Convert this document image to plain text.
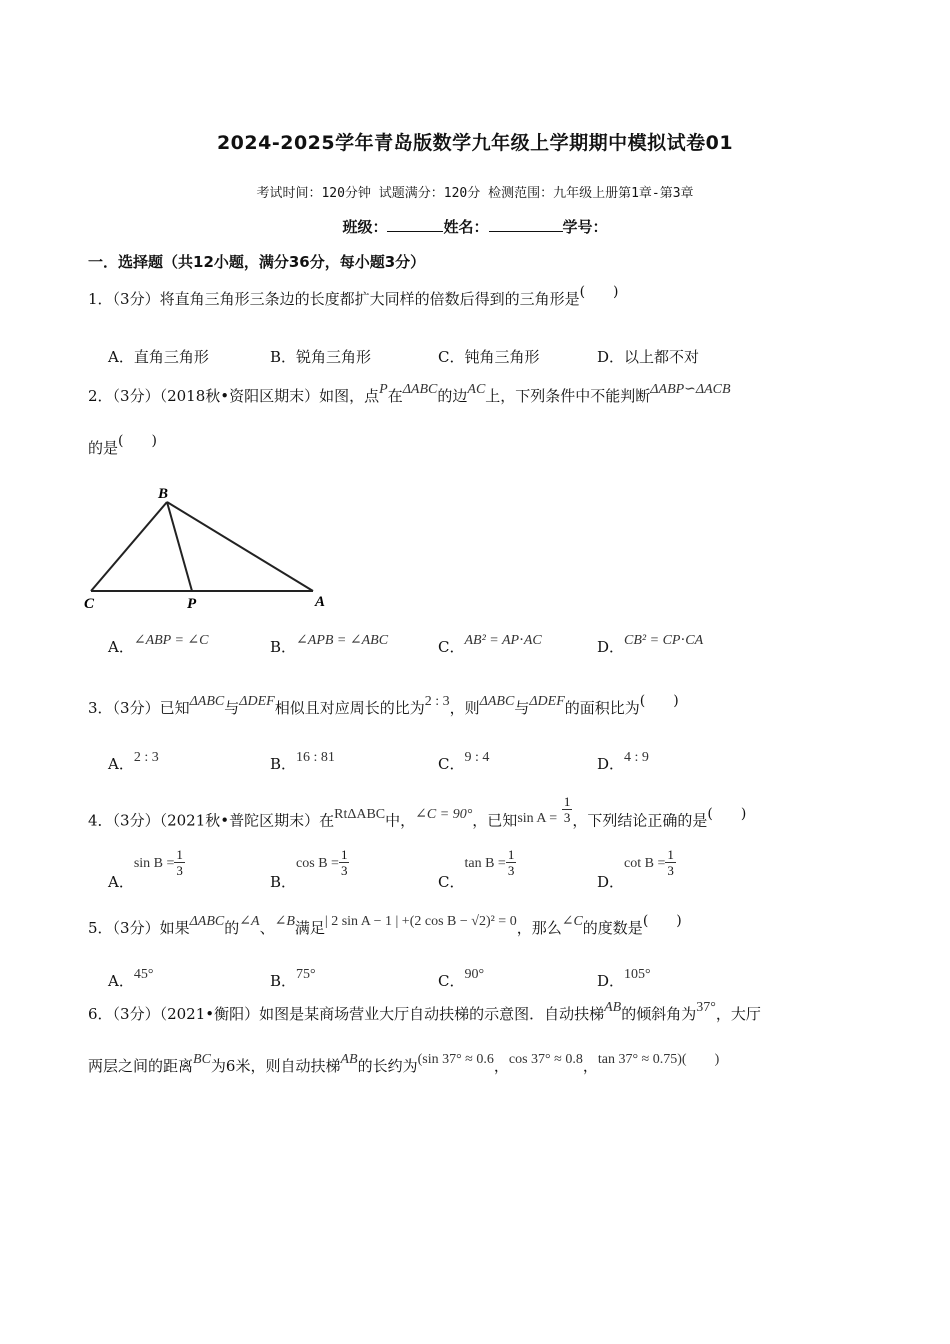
2024-2025学年青岛版数学九年级上学期期中模拟试卷01
考试时间：120分钟 试题满分：120分 检测范围：九年级上册第1章-第3章
班级：	姓名：	学号：
一．选择题（共12小题，满分36分，每小题3分）
1．（3分）将直角三角形三条边的长度都扩大同样的倍数后得到的三角形是(　　)
A．直角三角形	B．锐角三角形	C．钝角三角形	D．以上都不对
2．（3分）（2018秋•资阳区期末）如图，点P在ΔABC的边AC上，下列条件中不能判断ΔABP∽ΔACB
的是(　　)
B
C	P	A
A．∠ABP = ∠C	B．∠APB = ∠ABC	C．AB² = AP⋅AC	D．CB² = CP⋅CA
3．（3分）已知ΔABC与ΔDEF相似且对应周长的比为2 : 3，则ΔABC与ΔDEF的面积比为(　　)
A．2 : 3	B．16 : 81	C．9 : 4	D．4 : 9
4．（3分）（2021秋•普陀区期末）在RtΔABC中，∠C = 90°，已知$\sin A = \frac{1}{3}$ ，下列结论正确的是(　　)
A．$\sin B = \frac{1}{3}$
B．$\cos B = \frac{1}{3}$
C．$\tan B = \frac{1}{3}$
D．$\cot B = \frac{1}{3}$
5．（3分）如果ΔABC的∠A、∠B满足| 2 sin A − 1 | +(2 cos B − √2)² = 0，那么∠C的度数是(　　)
A．45°	B．75°	C．90°	D．105°
6．（3分）（2021•衡阳）如图是某商场营业大厅自动扶梯的示意图．自动扶梯AB的倾斜角为37°，大厅
两层之间的距离BC为6米，则自动扶梯AB的长约为(sin 37° ≈ 0.6，cos 37° ≈ 0.8，tan 37° ≈ 0.75)(　　)
